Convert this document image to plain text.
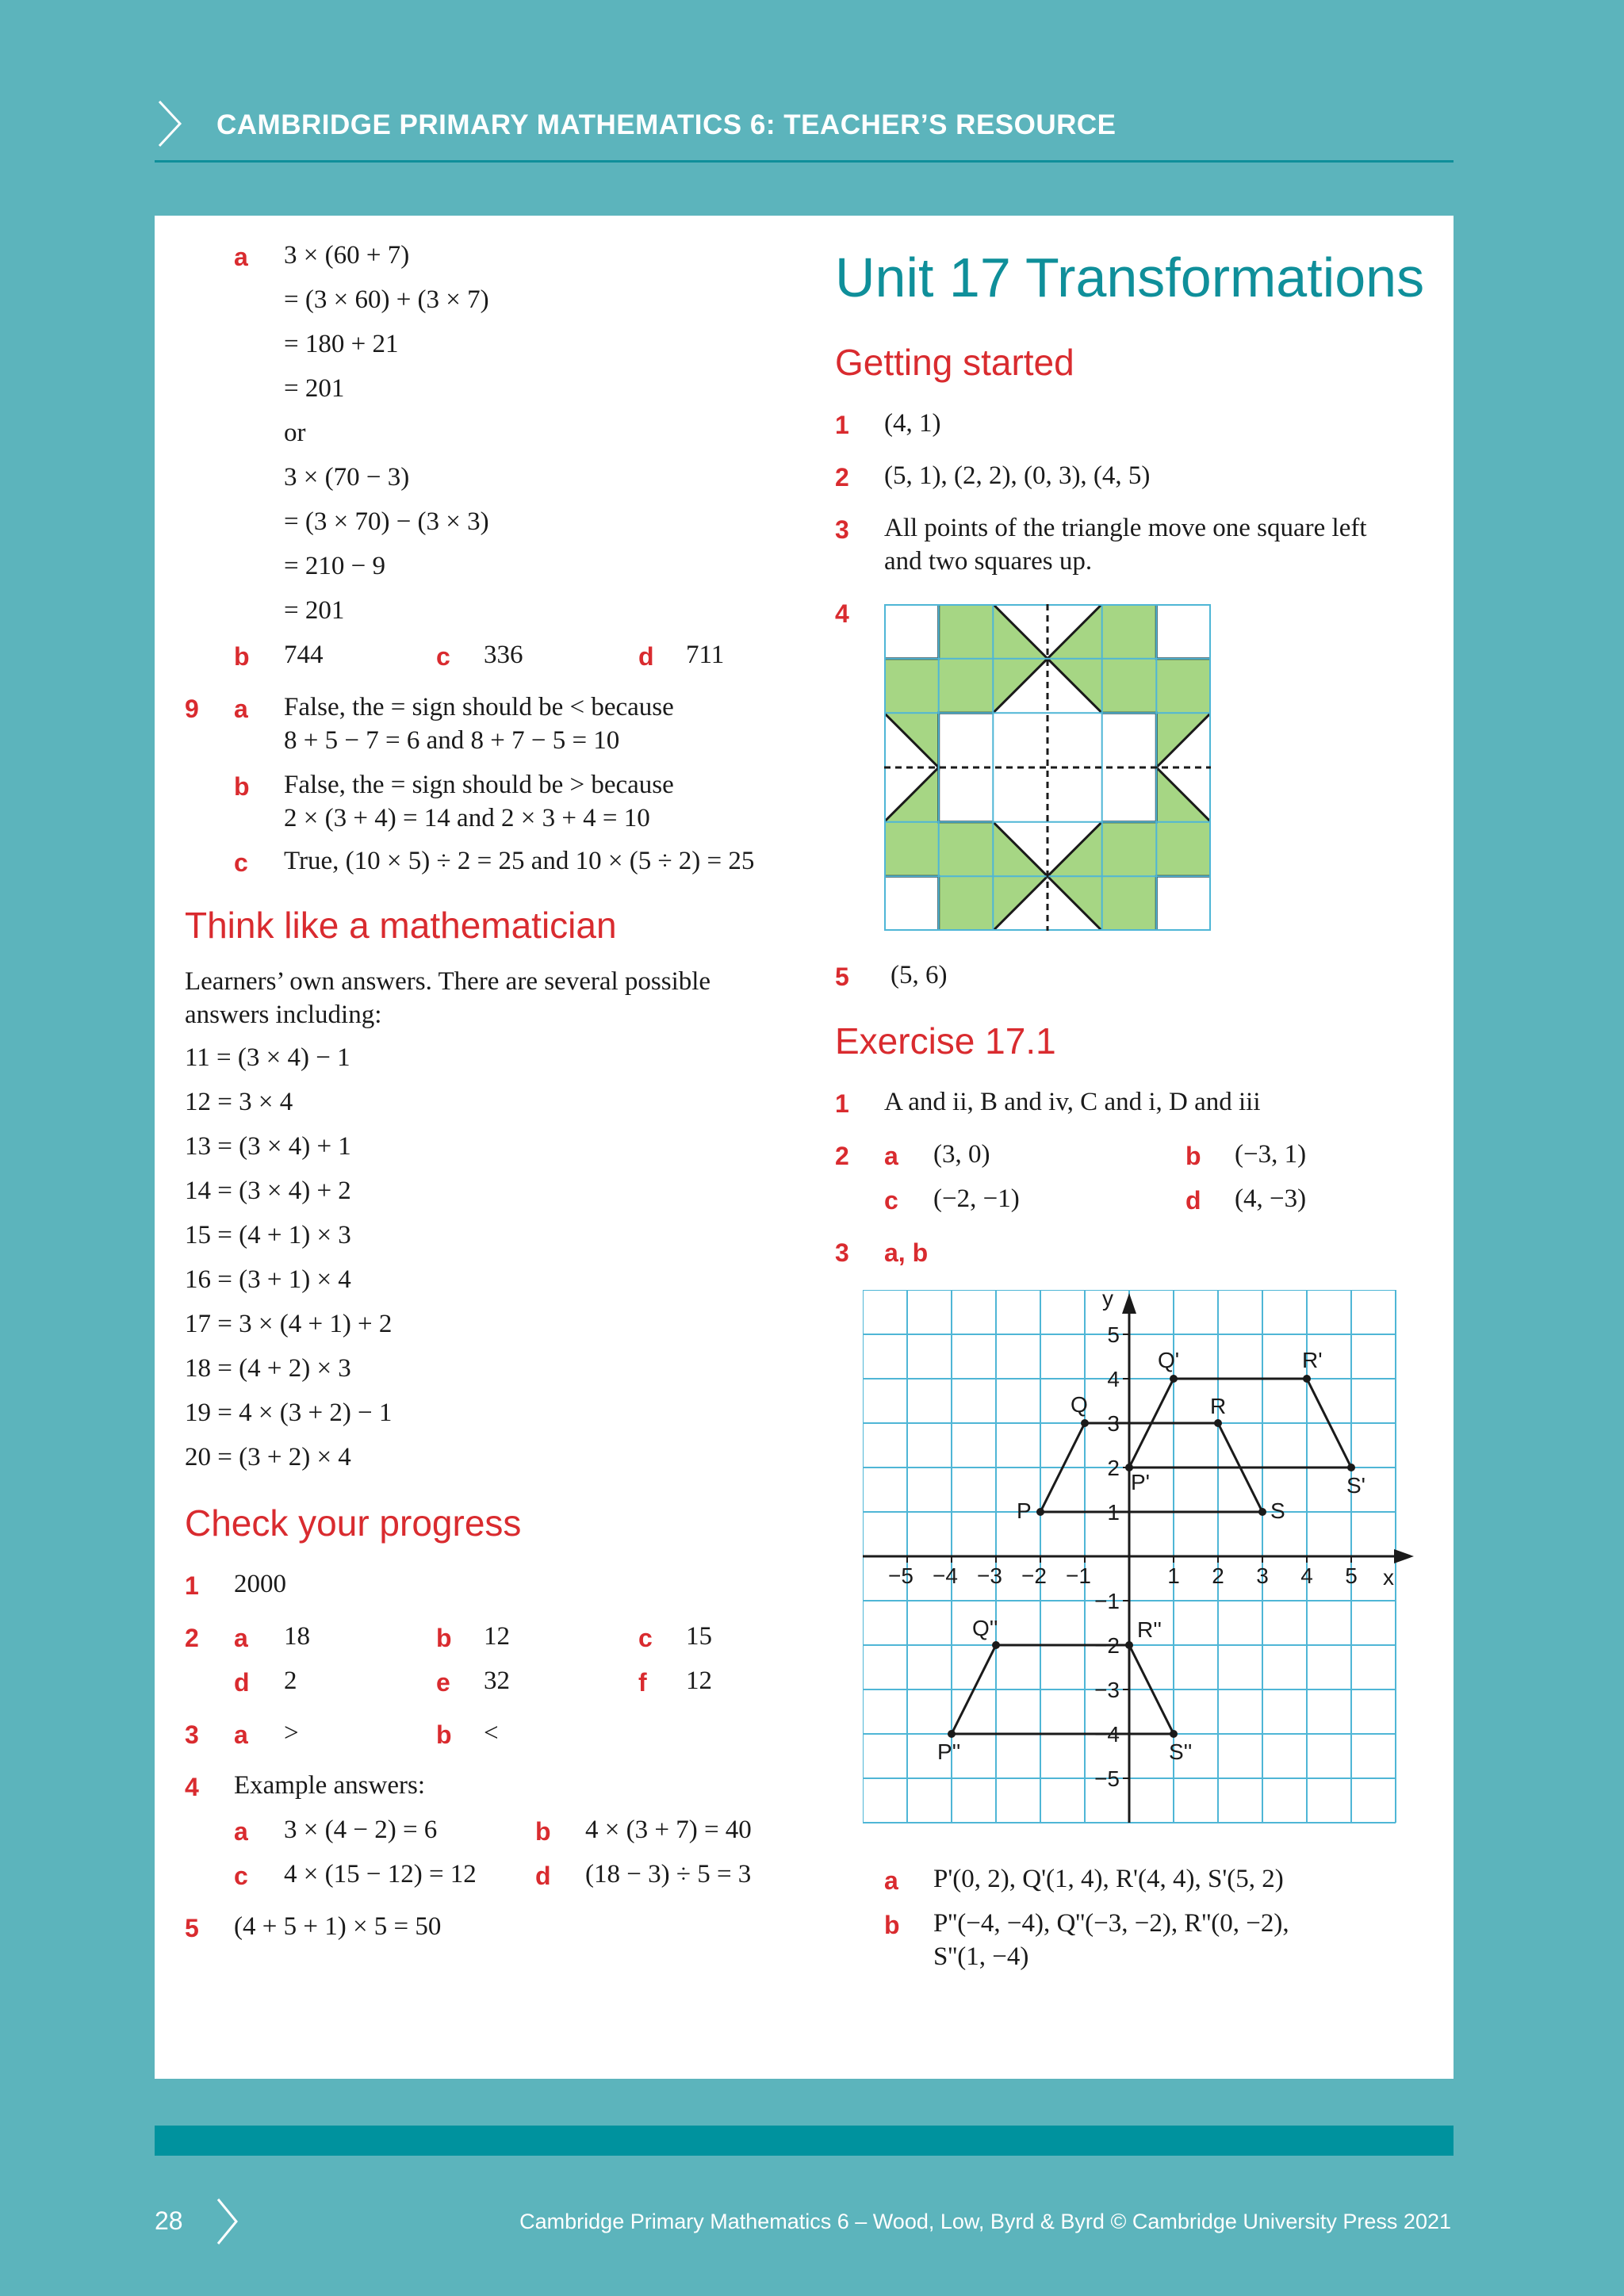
CAMBRIDGE PRIMARY MATHEMATICS 6: TEACHER’S RESOURCE
a 3 × (60 + 7)
= (3 × 60) + (3 × 7)
= 180 + 21
= 201
or
3 × (70 − 3)
= (3 × 70) − (3 × 3)
= 210 − 9
= 201
b 744	c 336	d 711
9 a False, the = sign should be < because
8 + 5 − 7 = 6 and 8 + 7 − 5 = 10
b False, the = sign should be > because
2 × (3 + 4) = 14 and 2 × 3 + 4 = 10
c True, (10 × 5) ÷ 2 = 25 and 10 × (5 ÷ 2) = 25
Think like a mathematician
Learners’ own answers. There are several possible
answers including:
11 = (3 × 4) − 1
12 = 3 × 4
13 = (3 × 4) + 1
14 = (3 × 4) + 2
15 = (4 + 1) × 3
16 = (3 + 1) × 4
17 = 3 × (4 + 1) + 2
18 = (4 + 2) × 3
19 = 4 × (3 + 2) − 1
20 = (3 + 2) × 4
Check your progress
1 2000
2 a 18	b 12	c 15
d 2	e 32	f 12
3 a >	b <
4 Example answers:
a 3 × (4 − 2) = 6	b 4 × (3 + 7) = 40
c 4 × (15 − 12) = 12 d (18 − 3) ÷ 5 = 3
5 (4 + 5 + 1) × 5 = 50
Unit 17 Transformations
Getting started
1 (4, 1)
2 (5, 1), (2, 2), (0, 3), (4, 5)
3 All points of the triangle move one square left
and two squares up.
4
5 (5, 6)
Exercise 17.1
1 A and ii, B and iv, C and i, D and iii
2 a (3, 0)	b (−3, 1)
c (−2, −1)	d (4, −3)
3 a, b
x
y
−5
−5
−4
−4
−3
−3
−2
−2
−1
−1
1
1
2
2
3
3
4
4
5
5
P
Q	R
S
P'
Q'	R'
S'
P''
Q''	R''
S''
a P'(0, 2), Q'(1, 4), R'(4, 4), S'(5, 2)
b P''(−4, −4), Q''(−3, −2), R''(0, −2),
S''(1, −4)
28	Cambridge Primary Mathematics 6 – Wood, Low, Byrd & Byrd © Cambridge University Press 2021
